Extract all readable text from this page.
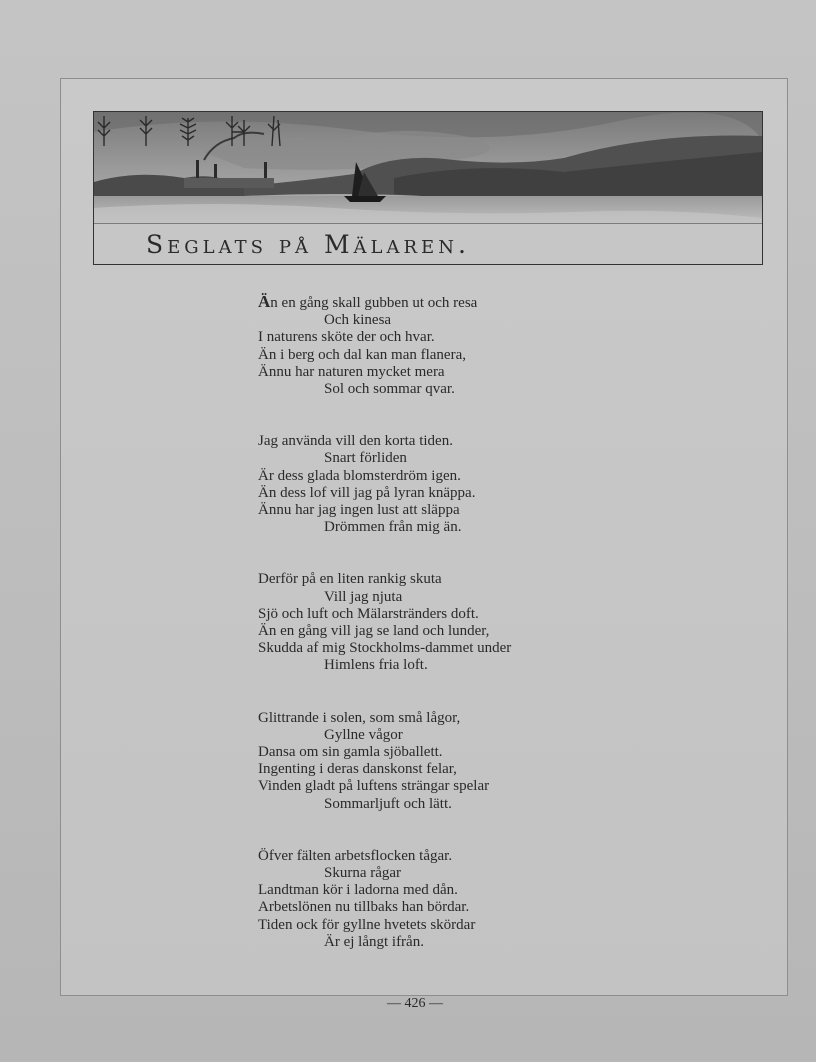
Seglats på Mälaren.
Än en gång skall gubben ut och resa
Och kinesa
I naturens sköte der och hvar.
Än i berg och dal kan man flanera,
Ännu har naturen mycket mera
Sol och sommar qvar.
Jag använda vill den korta tiden.
Snart förliden
Är dess glada blomsterdröm igen.
Än dess lof vill jag på lyran knäppa.
Ännu har jag ingen lust att släppa
Drömmen från mig än.
Derför på en liten rankig skuta
Vill jag njuta
Sjö och luft och Mälarstränders doft.
Än en gång vill jag se land och lunder,
Skudda af mig Stockholms-dammet under
Himlens fria loft.
Glittrande i solen, som små lågor,
Gyllne vågor
Dansa om sin gamla sjöballett.
Ingenting i deras danskonst felar,
Vinden gladt på luftens strängar spelar
Sommarljuft och lätt.
Öfver fälten arbetsflocken tågar.
Skurna rågar
Landtman kör i ladorna med dån.
Arbetslönen nu tillbaks han bördar.
Tiden ock för gyllne hvetets skördar
Är ej långt ifrån.
— 426 —
